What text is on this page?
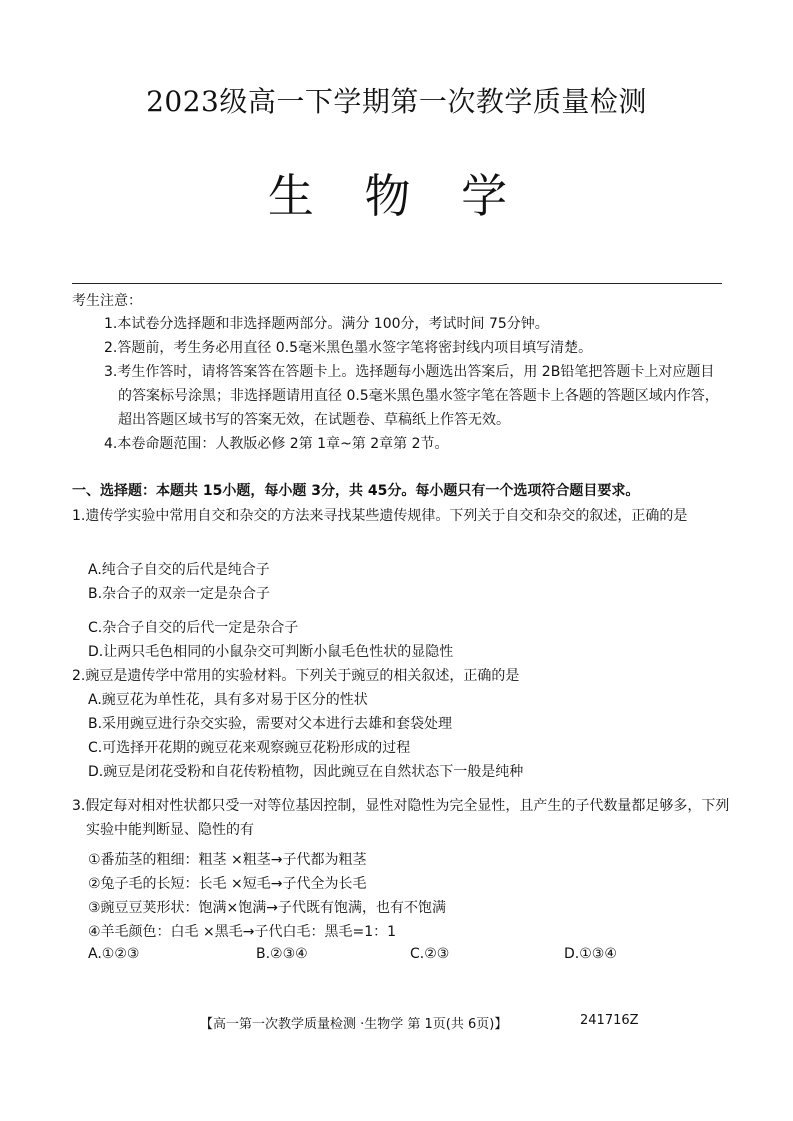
2023级高一下学期第一次教学质量检测
生 物 学
考生注意：
1.本试卷分选择题和非选择题两部分。满分 100分，考试时间 75分钟。
2.答题前，考生务必用直径 0.5毫米黑色墨水签字笔将密封线内项目填写清楚。
3.考生作答时，请将答案答在答题卡上。选择题每小题选出答案后，用 2B铅笔把答题卡上对应题目的答案标号涂黑；非选择题请用直径 0.5毫米黑色墨水签字笔在答题卡上各题的答题区域内作答，超出答题区域书写的答案无效，在试题卷、草稿纸上作答无效。
4.本卷命题范围：人教版必修 2第 1章~第 2章第 2节。
一、选择题：本题共 15小题，每小题 3分，共 45分。每小题只有一个选项符合题目要求。
1.遗传学实验中常用自交和杂交的方法来寻找某些遗传规律。下列关于自交和杂交的叙述，正确的是
A.纯合子自交的后代是纯合子
B.杂合子的双亲一定是杂合子
C.杂合子自交的后代一定是杂合子
D.让两只毛色相同的小鼠杂交可判断小鼠毛色性状的显隐性
2.豌豆是遗传学中常用的实验材料。下列关于豌豆的相关叙述，正确的是
A.豌豆花为单性花，具有多对易于区分的性状
B.采用豌豆进行杂交实验，需要对父本进行去雄和套袋处理
C.可选择开花期的豌豆花来观察豌豆花粉形成的过程
D.豌豆是闭花受粉和自花传粉植物，因此豌豆在自然状态下一般是纯种
3.假定每对相对性状都只受一对等位基因控制，显性对隐性为完全显性，且产生的子代数量都足够多，下列实验中能判断显、隐性的有
①番茄茎的粗细：粗茎 ×粗茎→子代都为粗茎
②兔子毛的长短：长毛 ×短毛→子代全为长毛
③豌豆豆荚形状：饱满×饱满→子代既有饱满，也有不饱满
④羊毛颜色：白毛 ×黑毛→子代白毛：黑毛=1：1
A.①②③	B.②③④	C.②③	D.①③④
【高一第一次教学质量检测 ·生物学 第 1页(共 6页)】	241716Z
